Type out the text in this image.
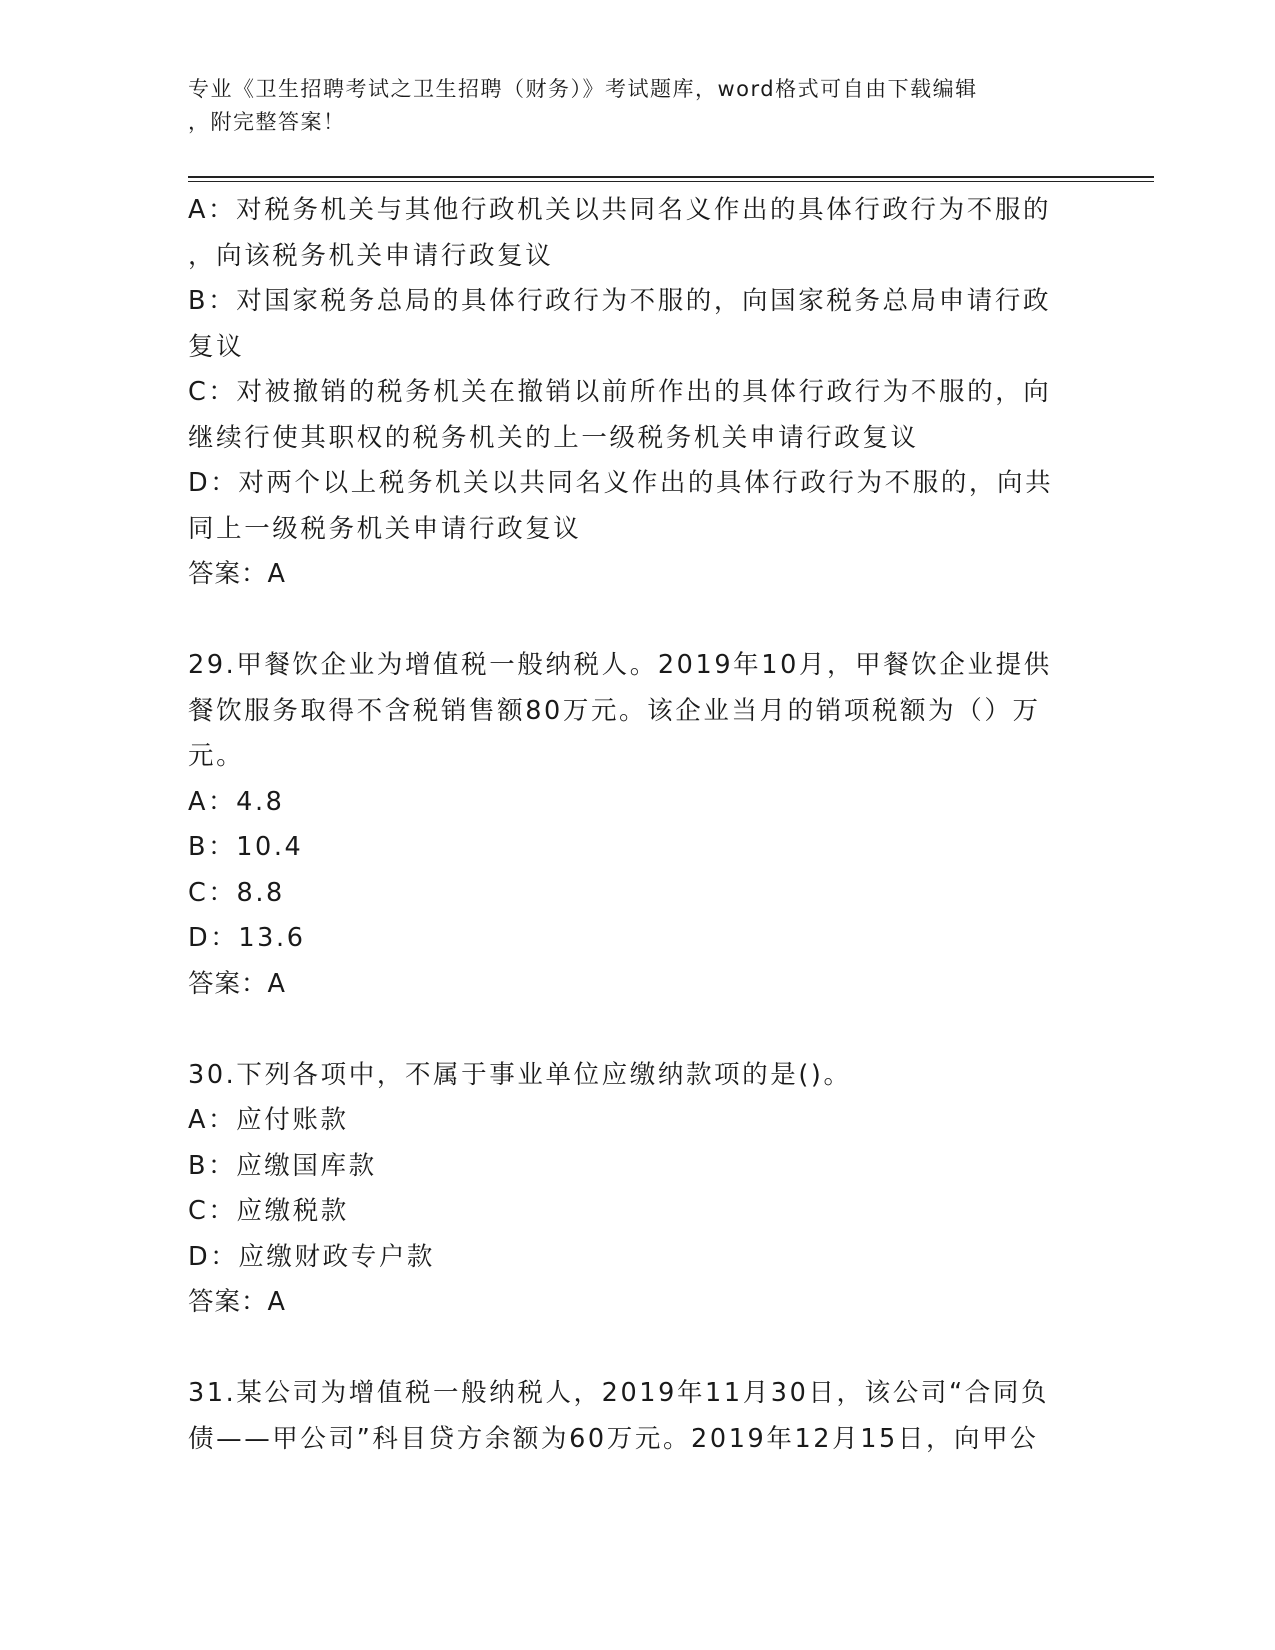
专业《卫生招聘考试之卫生招聘（财务）》考试题库，word格式可自由下载编辑
，附完整答案！
A：对税务机关与其他行政机关以共同名义作出的具体行政行为不服的
，向该税务机关申请行政复议
B：对国家税务总局的具体行政行为不服的，向国家税务总局申请行政
复议
C：对被撤销的税务机关在撤销以前所作出的具体行政行为不服的，向
继续行使其职权的税务机关的上一级税务机关申请行政复议
D：对两个以上税务机关以共同名义作出的具体行政行为不服的，向共
同上一级税务机关申请行政复议
答案：A
29.甲餐饮企业为增值税一般纳税人。2019年10月，甲餐饮企业提供
餐饮服务取得不含税销售额80万元。该企业当月的销项税额为（）万
元。
A：4.8
B：10.4
C：8.8
D：13.6
答案：A
30.下列各项中，不属于事业单位应缴纳款项的是()。
A：应付账款
B：应缴国库款
C：应缴税款
D：应缴财政专户款
答案：A
31.某公司为增值税一般纳税人，2019年11月30日，该公司“合同负
债——甲公司”科目贷方余额为60万元。2019年12月15日，向甲公
